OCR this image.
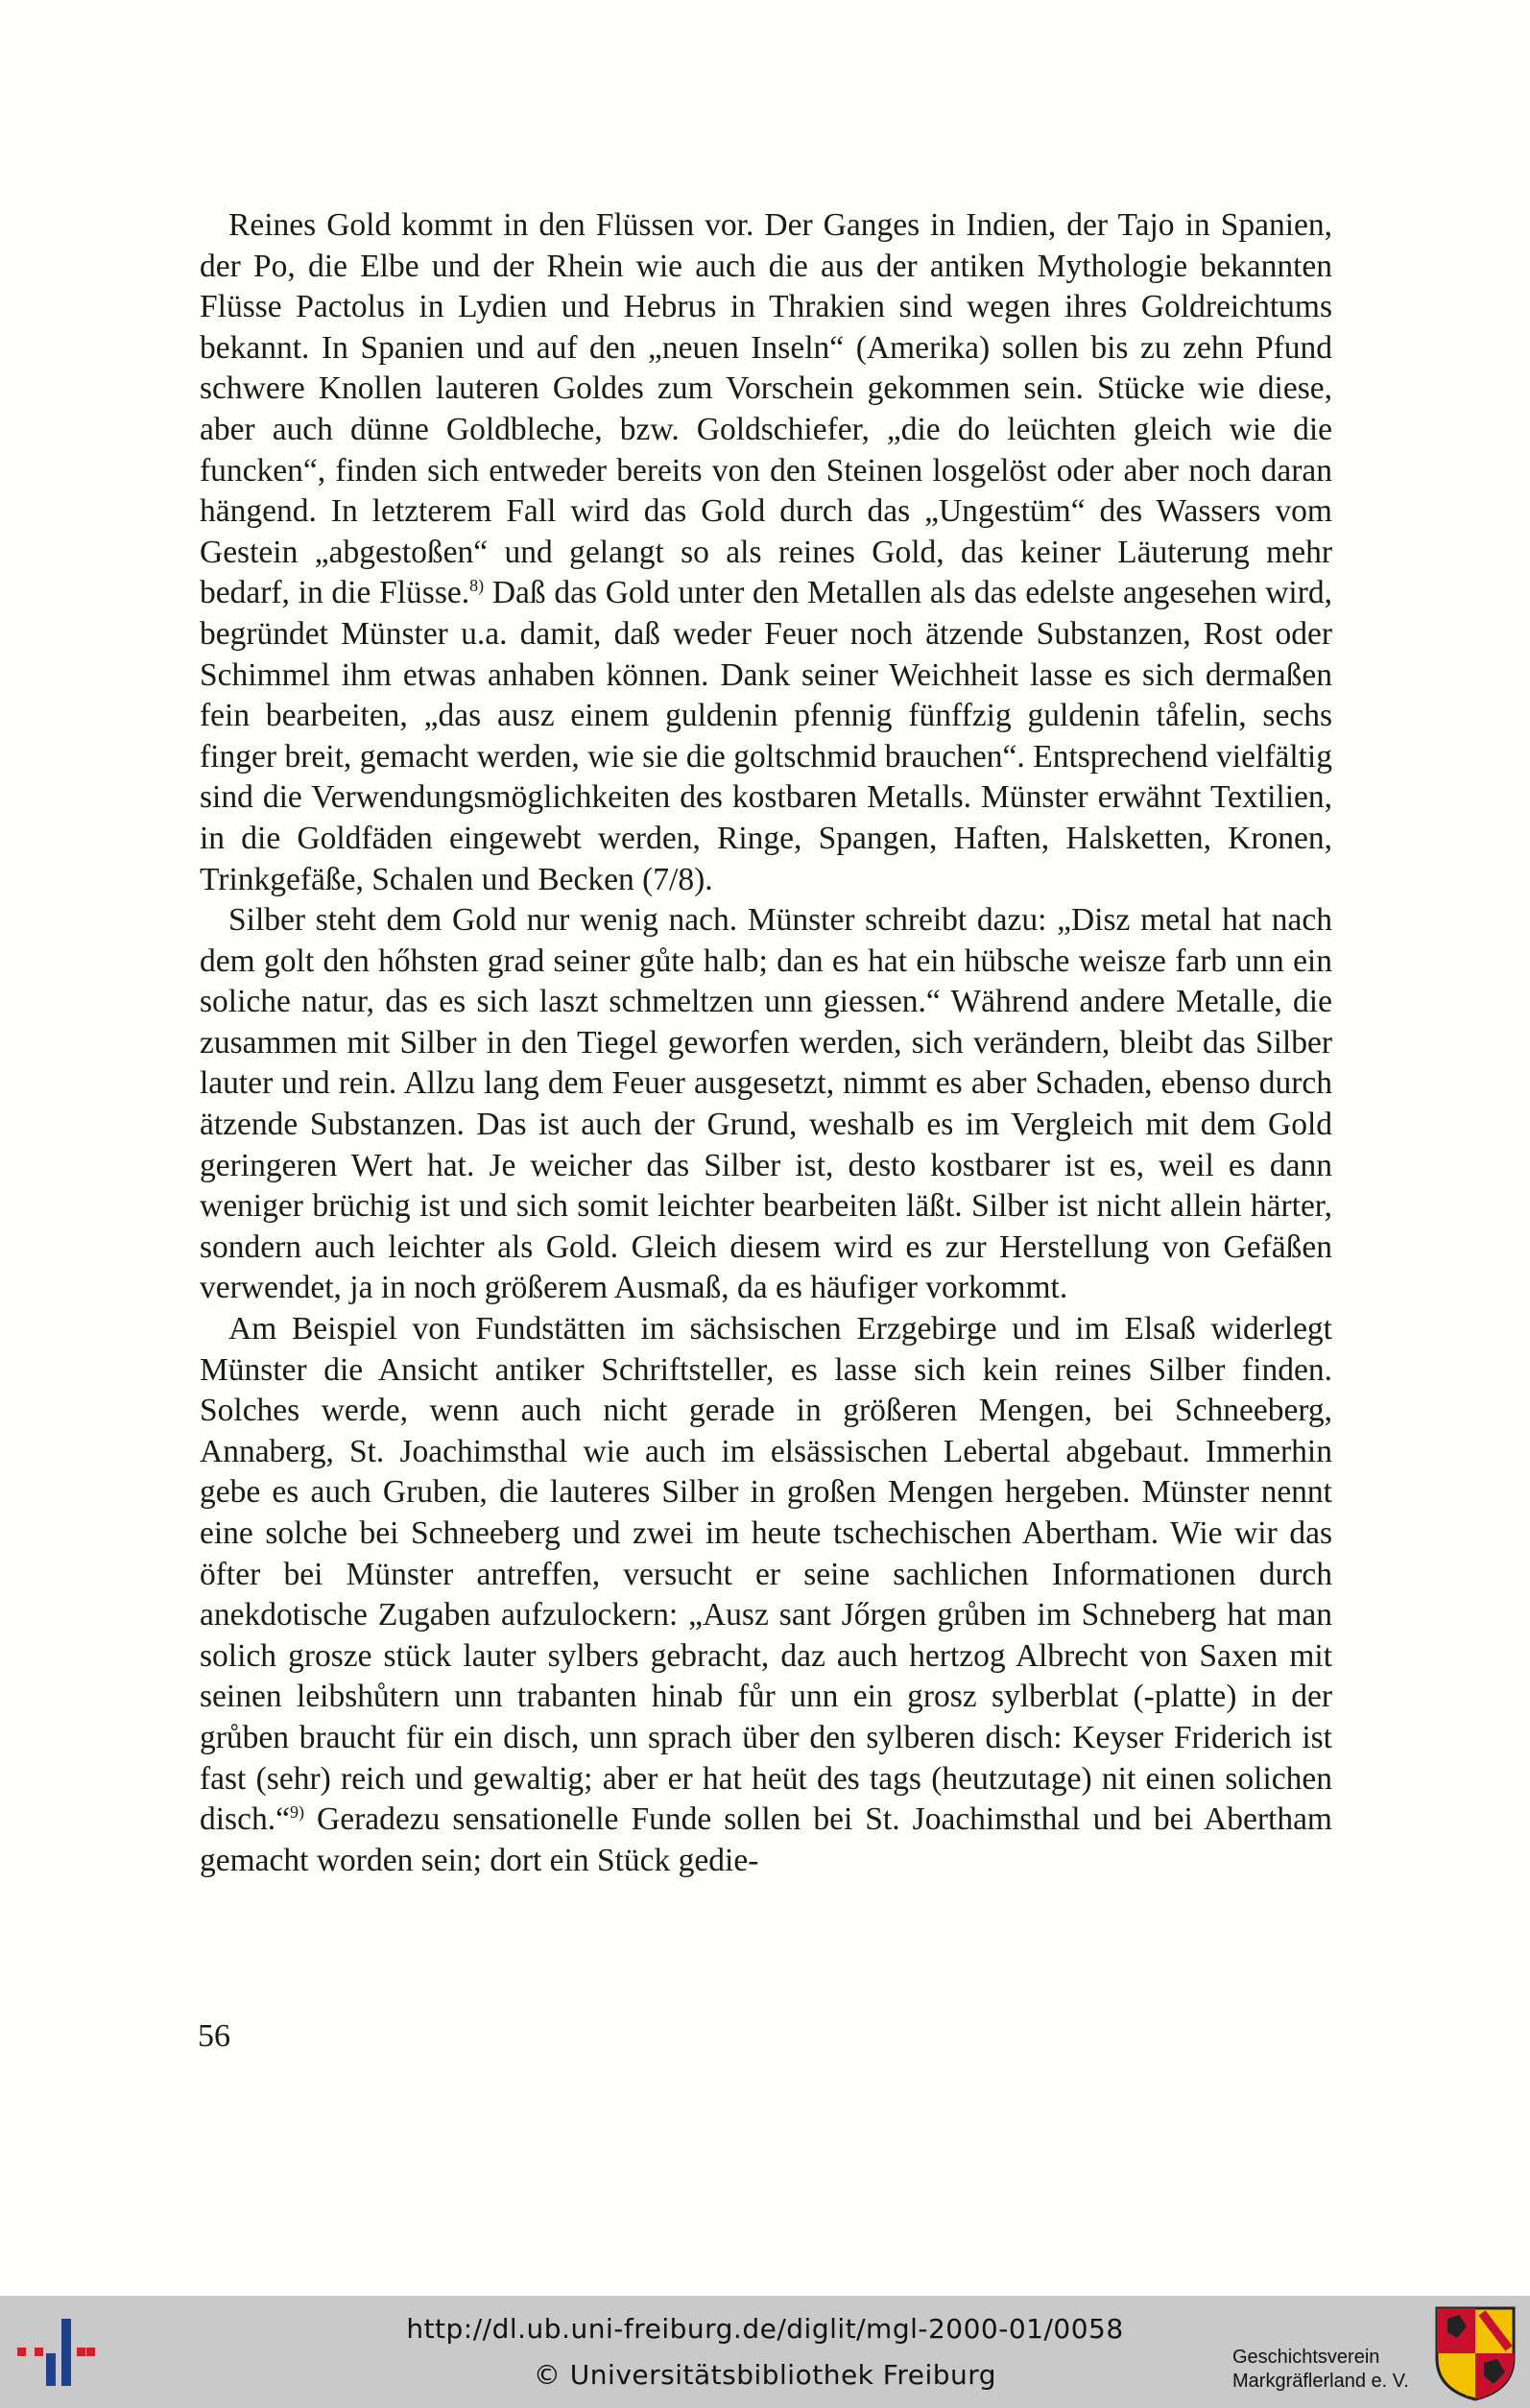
Reines Gold kommt in den Flüssen vor. Der Ganges in Indien, der Tajo in Spanien, der Po, die Elbe und der Rhein wie auch die aus der antiken Mythologie bekannten Flüsse Pactolus in Lydien und Hebrus in Thrakien sind wegen ihres Goldreichtums bekannt. In Spanien und auf den „neuen Inseln“ (Amerika) sollen bis zu zehn Pfund schwere Knollen lauteren Goldes zum Vorschein gekommen sein. Stücke wie diese, aber auch dünne Goldbleche, bzw. Goldschiefer, „die do leüchten gleich wie die funcken“, finden sich entweder bereits von den Steinen losgelöst oder aber noch daran hängend. In letzterem Fall wird das Gold durch das „Ungestüm“ des Wassers vom Gestein „abgestoßen“ und gelangt so als reines Gold, das keiner Läuterung mehr bedarf, in die Flüsse.$^{8)}$ Daß das Gold unter den Metallen als das edelste angesehen wird, begründet Münster u.a. damit, daß weder Feuer noch ätzende Substanzen, Rost oder Schimmel ihm etwas anhaben können. Dank seiner Weichheit lasse es sich dermaßen fein bearbeiten, „das ausz einem guldenin pfennig fünffzig guldenin tåfelin, sechs finger breit, gemacht werden, wie sie die goltschmid brauchen“. Entsprechend vielfältig sind die Verwendungsmöglichkeiten des kostbaren Metalls. Münster erwähnt Textilien, in die Goldfäden eingewebt werden, Ringe, Spangen, Haften, Halsketten, Kronen, Trinkgefäße, Schalen und Becken (7/8).

Silber steht dem Gold nur wenig nach. Münster schreibt dazu: „Disz metal hat nach dem golt den hőhsten grad seiner gůte halb; dan es hat ein hübsche weisze farb unn ein soliche natur, das es sich laszt schmeltzen unn giessen.“ Während andere Metalle, die zusammen mit Silber in den Tiegel geworfen werden, sich verändern, bleibt das Silber lauter und rein. Allzu lang dem Feuer ausgesetzt, nimmt es aber Schaden, ebenso durch ätzende Substanzen. Das ist auch der Grund, weshalb es im Vergleich mit dem Gold geringeren Wert hat. Je weicher das Silber ist, desto kostbarer ist es, weil es dann weniger brüchig ist und sich somit leichter bearbeiten läßt. Silber ist nicht allein härter, sondern auch leichter als Gold. Gleich diesem wird es zur Herstellung von Gefäßen verwendet, ja in noch größerem Ausmaß, da es häufiger vorkommt.

Am Beispiel von Fundstätten im sächsischen Erzgebirge und im Elsaß widerlegt Münster die Ansicht antiker Schriftsteller, es lasse sich kein reines Silber finden. Solches werde, wenn auch nicht gerade in größeren Mengen, bei Schneeberg, Annaberg, St. Joachimsthal wie auch im elsässischen Lebertal abgebaut. Immerhin gebe es auch Gruben, die lauteres Silber in großen Mengen hergeben. Münster nennt eine solche bei Schneeberg und zwei im heute tschechischen Abertham. Wie wir das öfter bei Münster antreffen, versucht er seine sachlichen Informationen durch anekdotische Zugaben aufzulockern: „Ausz sant Jőrgen grůben im Schneberg hat man solich grosze stück lauter sylbers gebracht, daz auch hertzog Albrecht von Saxen mit seinen leibshůtern unn trabanten hinab fůr unn ein grosz sylberblat (-platte) in der grůben braucht für ein disch, unn sprach über den sylberen disch: Keyser Friderich ist fast (sehr) reich und gewaltig; aber er hat heüt des tags (heutzutage) nit einen solichen disch.“$^{9)}$ Geradezu sensationelle Funde sollen bei St. Joachimsthal und bei Abertham gemacht worden sein; dort ein Stück gedie-

56
http://dl.ub.uni-freiburg.de/diglit/mgl-2000-01/0058
© Universitätsbibliothek Freiburg
Geschichtsverein
Markgräflerland e. V.
